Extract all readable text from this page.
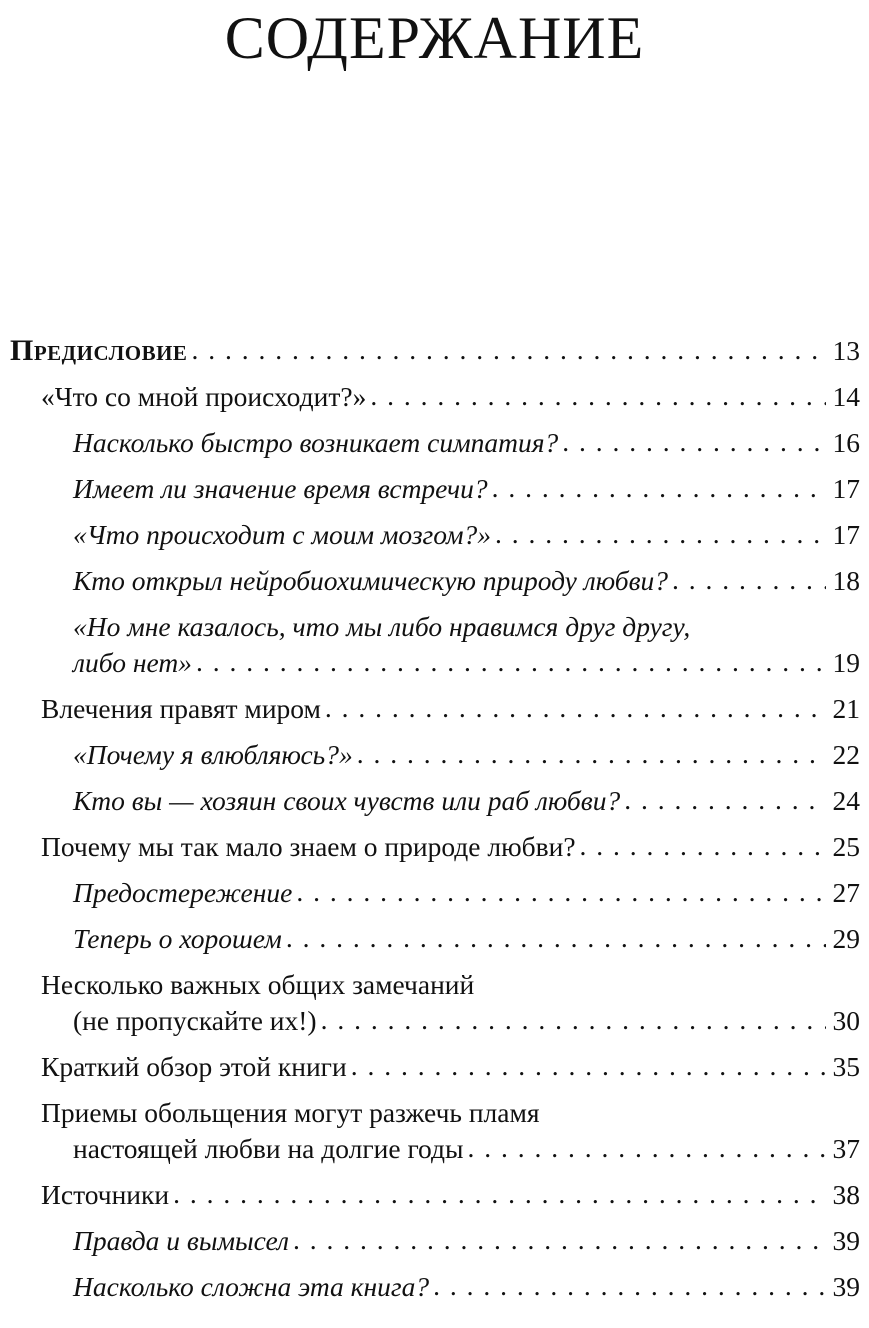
СОДЕРЖАНИЕ
Предисловие . . .	13
«Что со мной происходит?» . . .	14
Насколько быстро возникает симпатия? . . .	16
Имеет ли значение время встречи? . . .	17
«Что происходит с моим мозгом?» . . .	17
Кто открыл нейробиохимическую природу любви? . . .	18
«Но мне казалось, что мы либо нравимся друг другу,
либо нет» . . .	19
Влечения правят миром . . .	21
«Почему я влюбляюсь?» . . .	22
Кто вы — хозяин своих чувств или раб любви? . . .	24
Почему мы так мало знаем о природе любви? . . .	25
Предостережение . . .	27
Теперь о хорошем . . .	29
Несколько важных общих замечаний
(не пропускайте их!) . . .	30
Краткий обзор этой книги . . .	35
Приемы обольщения могут разжечь пламя
настоящей любви на долгие годы . . .	37
Источники . . .	38
Правда и вымысел . . .	39
Насколько сложна эта книга? . . .	39
